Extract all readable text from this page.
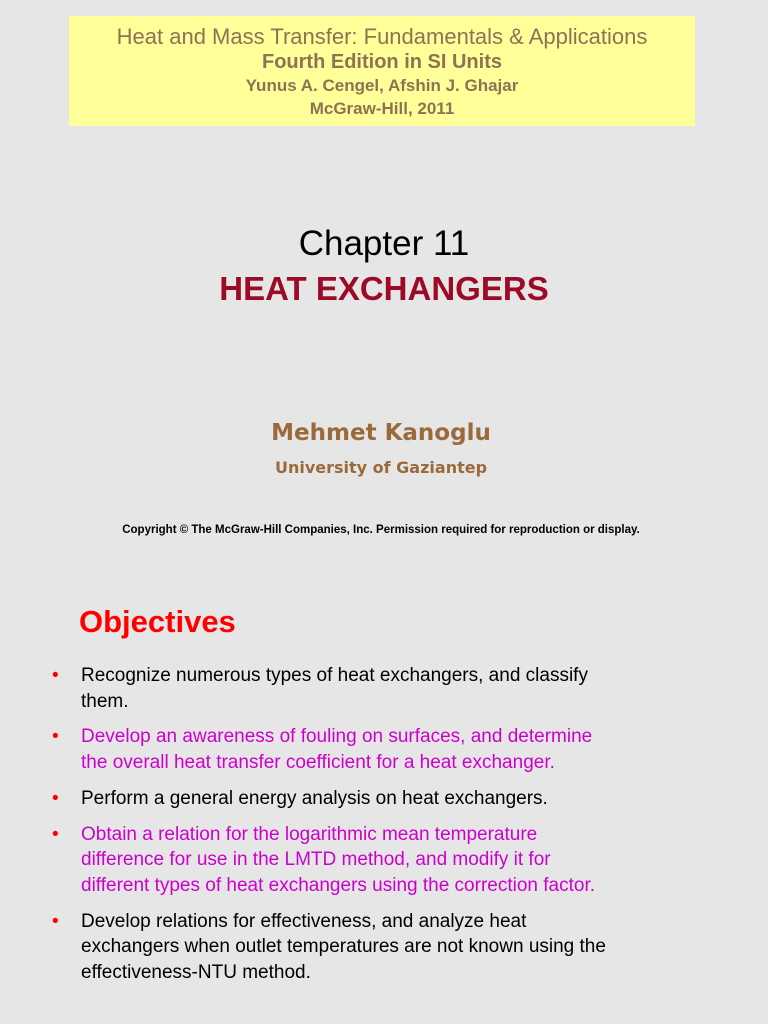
Heat and Mass Transfer: Fundamentals & Applications
Fourth Edition in SI Units
Yunus A. Cengel, Afshin J. Ghajar
McGraw-Hill, 2011
Chapter 11
HEAT EXCHANGERS
Mehmet Kanoglu
University of Gaziantep
Copyright © The McGraw-Hill Companies, Inc. Permission required for reproduction or display.
Objectives
• Recognize numerous types of heat exchangers, and classify them.
• Develop an awareness of fouling on surfaces, and determine the overall heat transfer coefficient for a heat exchanger.
• Perform a general energy analysis on heat exchangers.
• Obtain a relation for the logarithmic mean temperature difference for use in the LMTD method, and modify it for different types of heat exchangers using the correction factor.
• Develop relations for effectiveness, and analyze heat exchangers when outlet temperatures are not known using the effectiveness-NTU method.
